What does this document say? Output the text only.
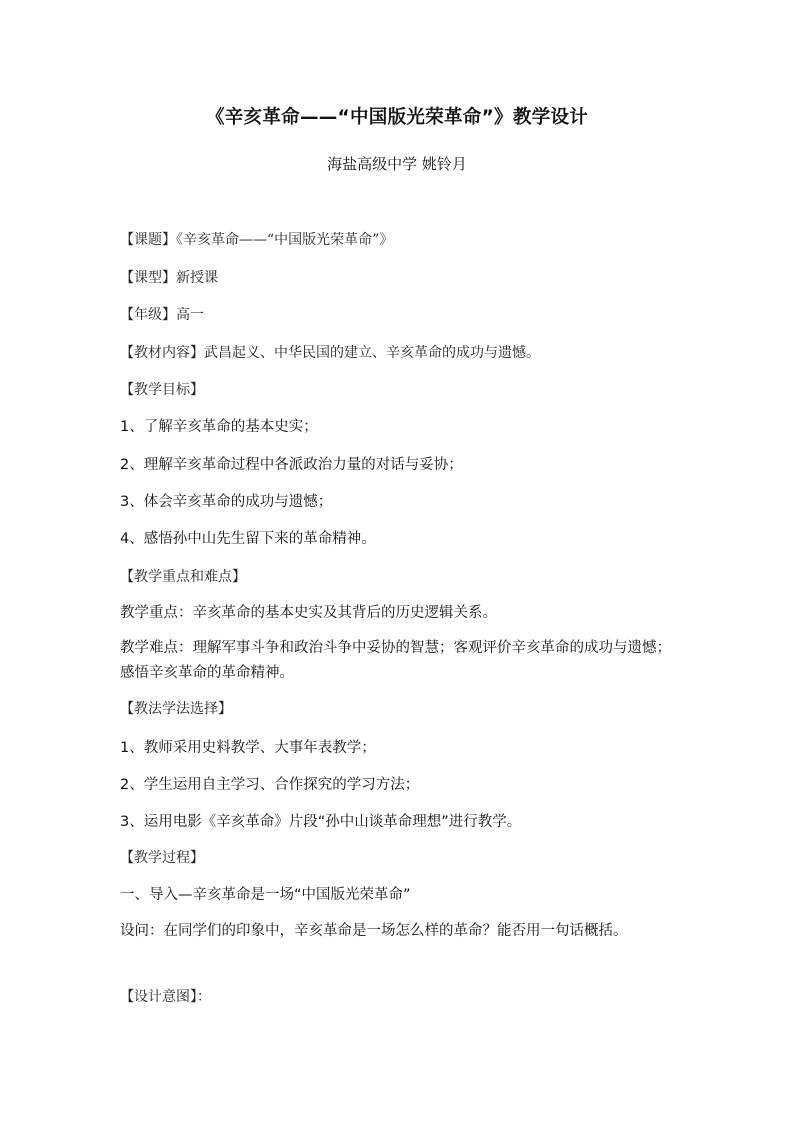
《辛亥革命——“中国版光荣革命”》教学设计
海盐高级中学 姚铃月
【课题】《辛亥革命——“中国版光荣革命”》
【课型】新授课
【年级】高一
【教材内容】武昌起义、中华民国的建立、辛亥革命的成功与遗憾。
【教学目标】
1、了解辛亥革命的基本史实；
2、理解辛亥革命过程中各派政治力量的对话与妥协；
3、体会辛亥革命的成功与遗憾；
4、感悟孙中山先生留下来的革命精神。
【教学重点和难点】
教学重点：辛亥革命的基本史实及其背后的历史逻辑关系。
教学难点：理解军事斗争和政治斗争中妥协的智慧；客观评价辛亥革命的成功与遗憾；感悟辛亥革命的革命精神。
【教法学法选择】
1、教师采用史料教学、大事年表教学；
2、学生运用自主学习、合作探究的学习方法；
3、运用电影《辛亥革命》片段“孙中山谈革命理想”进行教学。
【教学过程】
一、导入—辛亥革命是一场“中国版光荣革命”
设问：在同学们的印象中，辛亥革命是一场怎么样的革命？能否用一句话概括。
【设计意图】：
